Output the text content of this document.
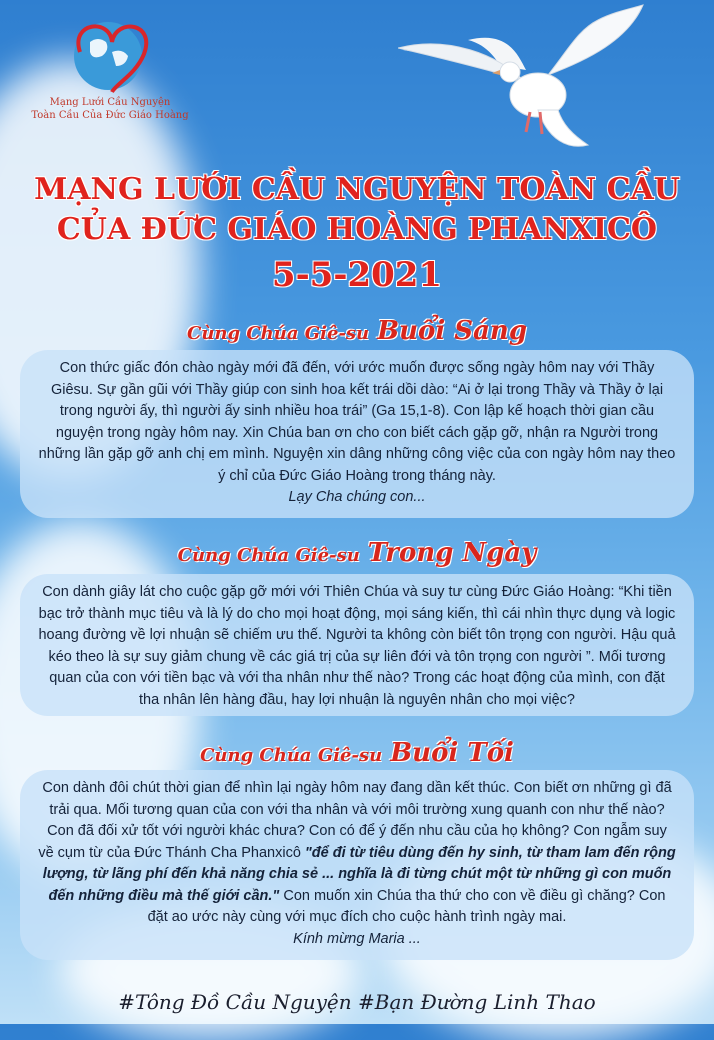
Mạng Lưới Cầu Nguyện
Toàn Cầu Của Đức Giáo Hoàng
MẠNG LƯỚI CẦU NGUYỆN TOÀN CẦU
CỦA ĐỨC GIÁO HOÀNG PHANXICÔ
5-5-2021
Cùng Chúa Giê-su Buổi Sáng

Con thức giấc đón chào ngày mới đã đến, với ước muốn được sống ngày hôm nay với Thầy Giêsu. Sự gần gũi với Thầy giúp con sinh hoa kết trái dồi dào: “Ai ở lại trong Thầy và Thầy ở lại trong người ấy, thì người ấy sinh nhiều hoa trái” (Ga 15,1-8). Con lập kế hoạch thời gian cầu nguyện trong ngày hôm nay. Xin Chúa ban ơn cho con biết cách gặp gỡ, nhận ra Người trong những lần gặp gỡ anh chị em mình. Nguyện xin dâng những công việc của con ngày hôm nay theo ý chỉ của Đức Giáo Hoàng trong tháng này.

Lạy Cha chúng con...

Cùng Chúa Giê-su Trong Ngày

Con dành giây lát cho cuộc gặp gỡ mới với Thiên Chúa và suy tư cùng Đức Giáo Hoàng: “Khi tiền bạc trở thành mục tiêu và là lý do cho mọi hoạt động, mọi sáng kiến, thì cái nhìn thực dụng và logic hoang đường về lợi nhuận sẽ chiếm ưu thế. Người ta không còn biết tôn trọng con người. Hậu quả kéo theo là sự suy giảm chung về các giá trị của sự liên đới và tôn trọng con người ”. Mối tương quan của con với tiền bạc và với tha nhân như thế nào? Trong các hoạt động của mình, con đặt tha nhân lên hàng đầu, hay lợi nhuận là nguyên nhân cho mọi việc?

Cùng Chúa Giê-su Buổi Tối

Con dành đôi chút thời gian để nhìn lại ngày hôm nay đang dần kết thúc. Con biết ơn những gì đã trải qua. Mối tương quan của con với tha nhân và với môi trường xung quanh con như thế nào? Con đã đối xử tốt với người khác chưa? Con có để ý đến nhu cầu của họ không? Con ngẫm suy về cụm từ của Đức Thánh Cha Phanxicô "để đi từ tiêu dùng đến hy sinh, từ tham lam đến rộng lượng, từ lãng phí đến khả năng chia sẻ ... nghĩa là đi từng chút một từ những gì con muốn đến những điều mà thế giới cần." Con muốn xin Chúa tha thứ cho con về điều gì chăng? Con đặt ao ước này cùng với mục đích cho cuộc hành trình ngày mai.

Kính mừng Maria ...

#Tông Đồ Cầu Nguyện #Bạn Đường Linh Thao
